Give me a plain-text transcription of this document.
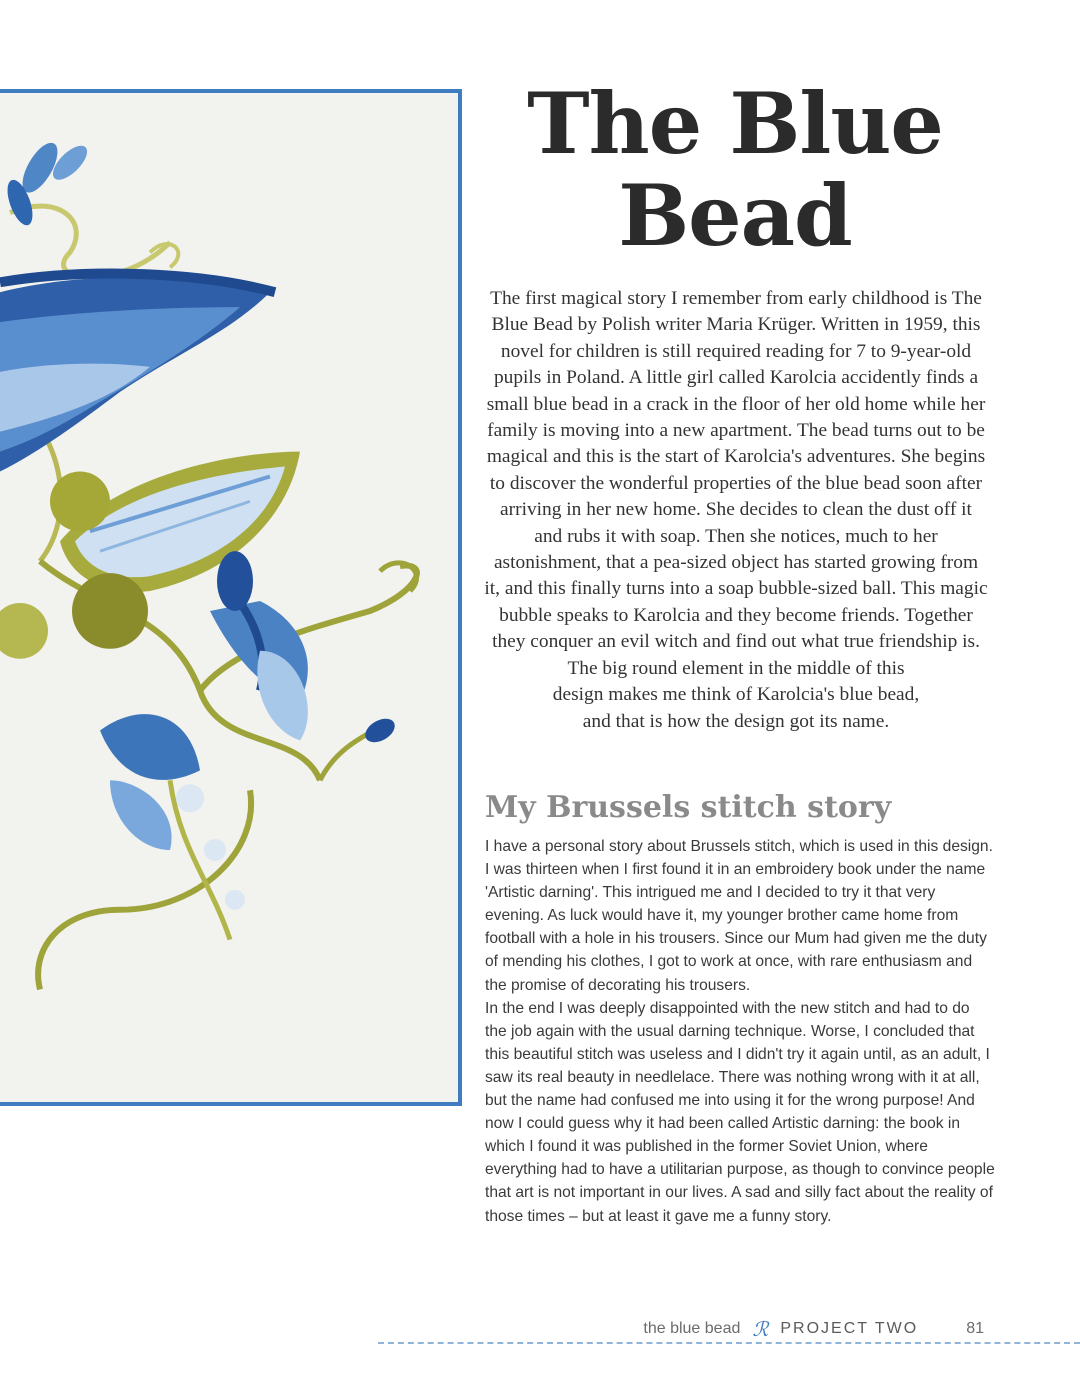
The Blue
Bead

The first magical story I remember from early childhood is The Blue Bead by Polish writer Maria Krüger. Written in 1959, this novel for children is still required reading for 7 to 9-year-old pupils in Poland. A little girl called Karolcia accidently finds a small blue bead in a crack in the floor of her old home while her family is moving into a new apartment. The bead turns out to be magical and this is the start of Karolcia's adventures. She begins to discover the wonderful properties of the blue bead soon after arriving in her new home. She decides to clean the dust off it and rubs it with soap. Then she notices, much to her astonishment, that a pea-sized object has started growing from it, and this finally turns into a soap bubble-sized ball. This magic bubble speaks to Karolcia and they become friends. Together they conquer an evil witch and find out what true friendship is.

The big round element in the middle of this design makes me think of Karolcia's blue bead, and that is how the design got its name.

My Brussels stitch story

I have a personal story about Brussels stitch, which is used in this design. I was thirteen when I first found it in an embroidery book under the name 'Artistic darning'. This intrigued me and I decided to try it that very evening. As luck would have it, my younger brother came home from football with a hole in his trousers. Since our Mum had given me the duty of mending his clothes, I got to work at once, with rare enthusiasm and the promise of decorating his trousers.

In the end I was deeply disappointed with the new stitch and had to do the job again with the usual darning technique. Worse, I concluded that this beautiful stitch was useless and I didn't try it again until, as an adult, I saw its real beauty in needlelace. There was nothing wrong with it at all, but the name had confused me into using it for the wrong purpose! And now I could guess why it had been called Artistic darning: the book in which I found it was published in the former Soviet Union, where everything had to have a utilitarian purpose, as though to convince people that art is not important in our lives. A sad and silly fact about the reality of those times – but at least it gave me a funny story.

the blue bead ℛ PROJECT TWO	81
